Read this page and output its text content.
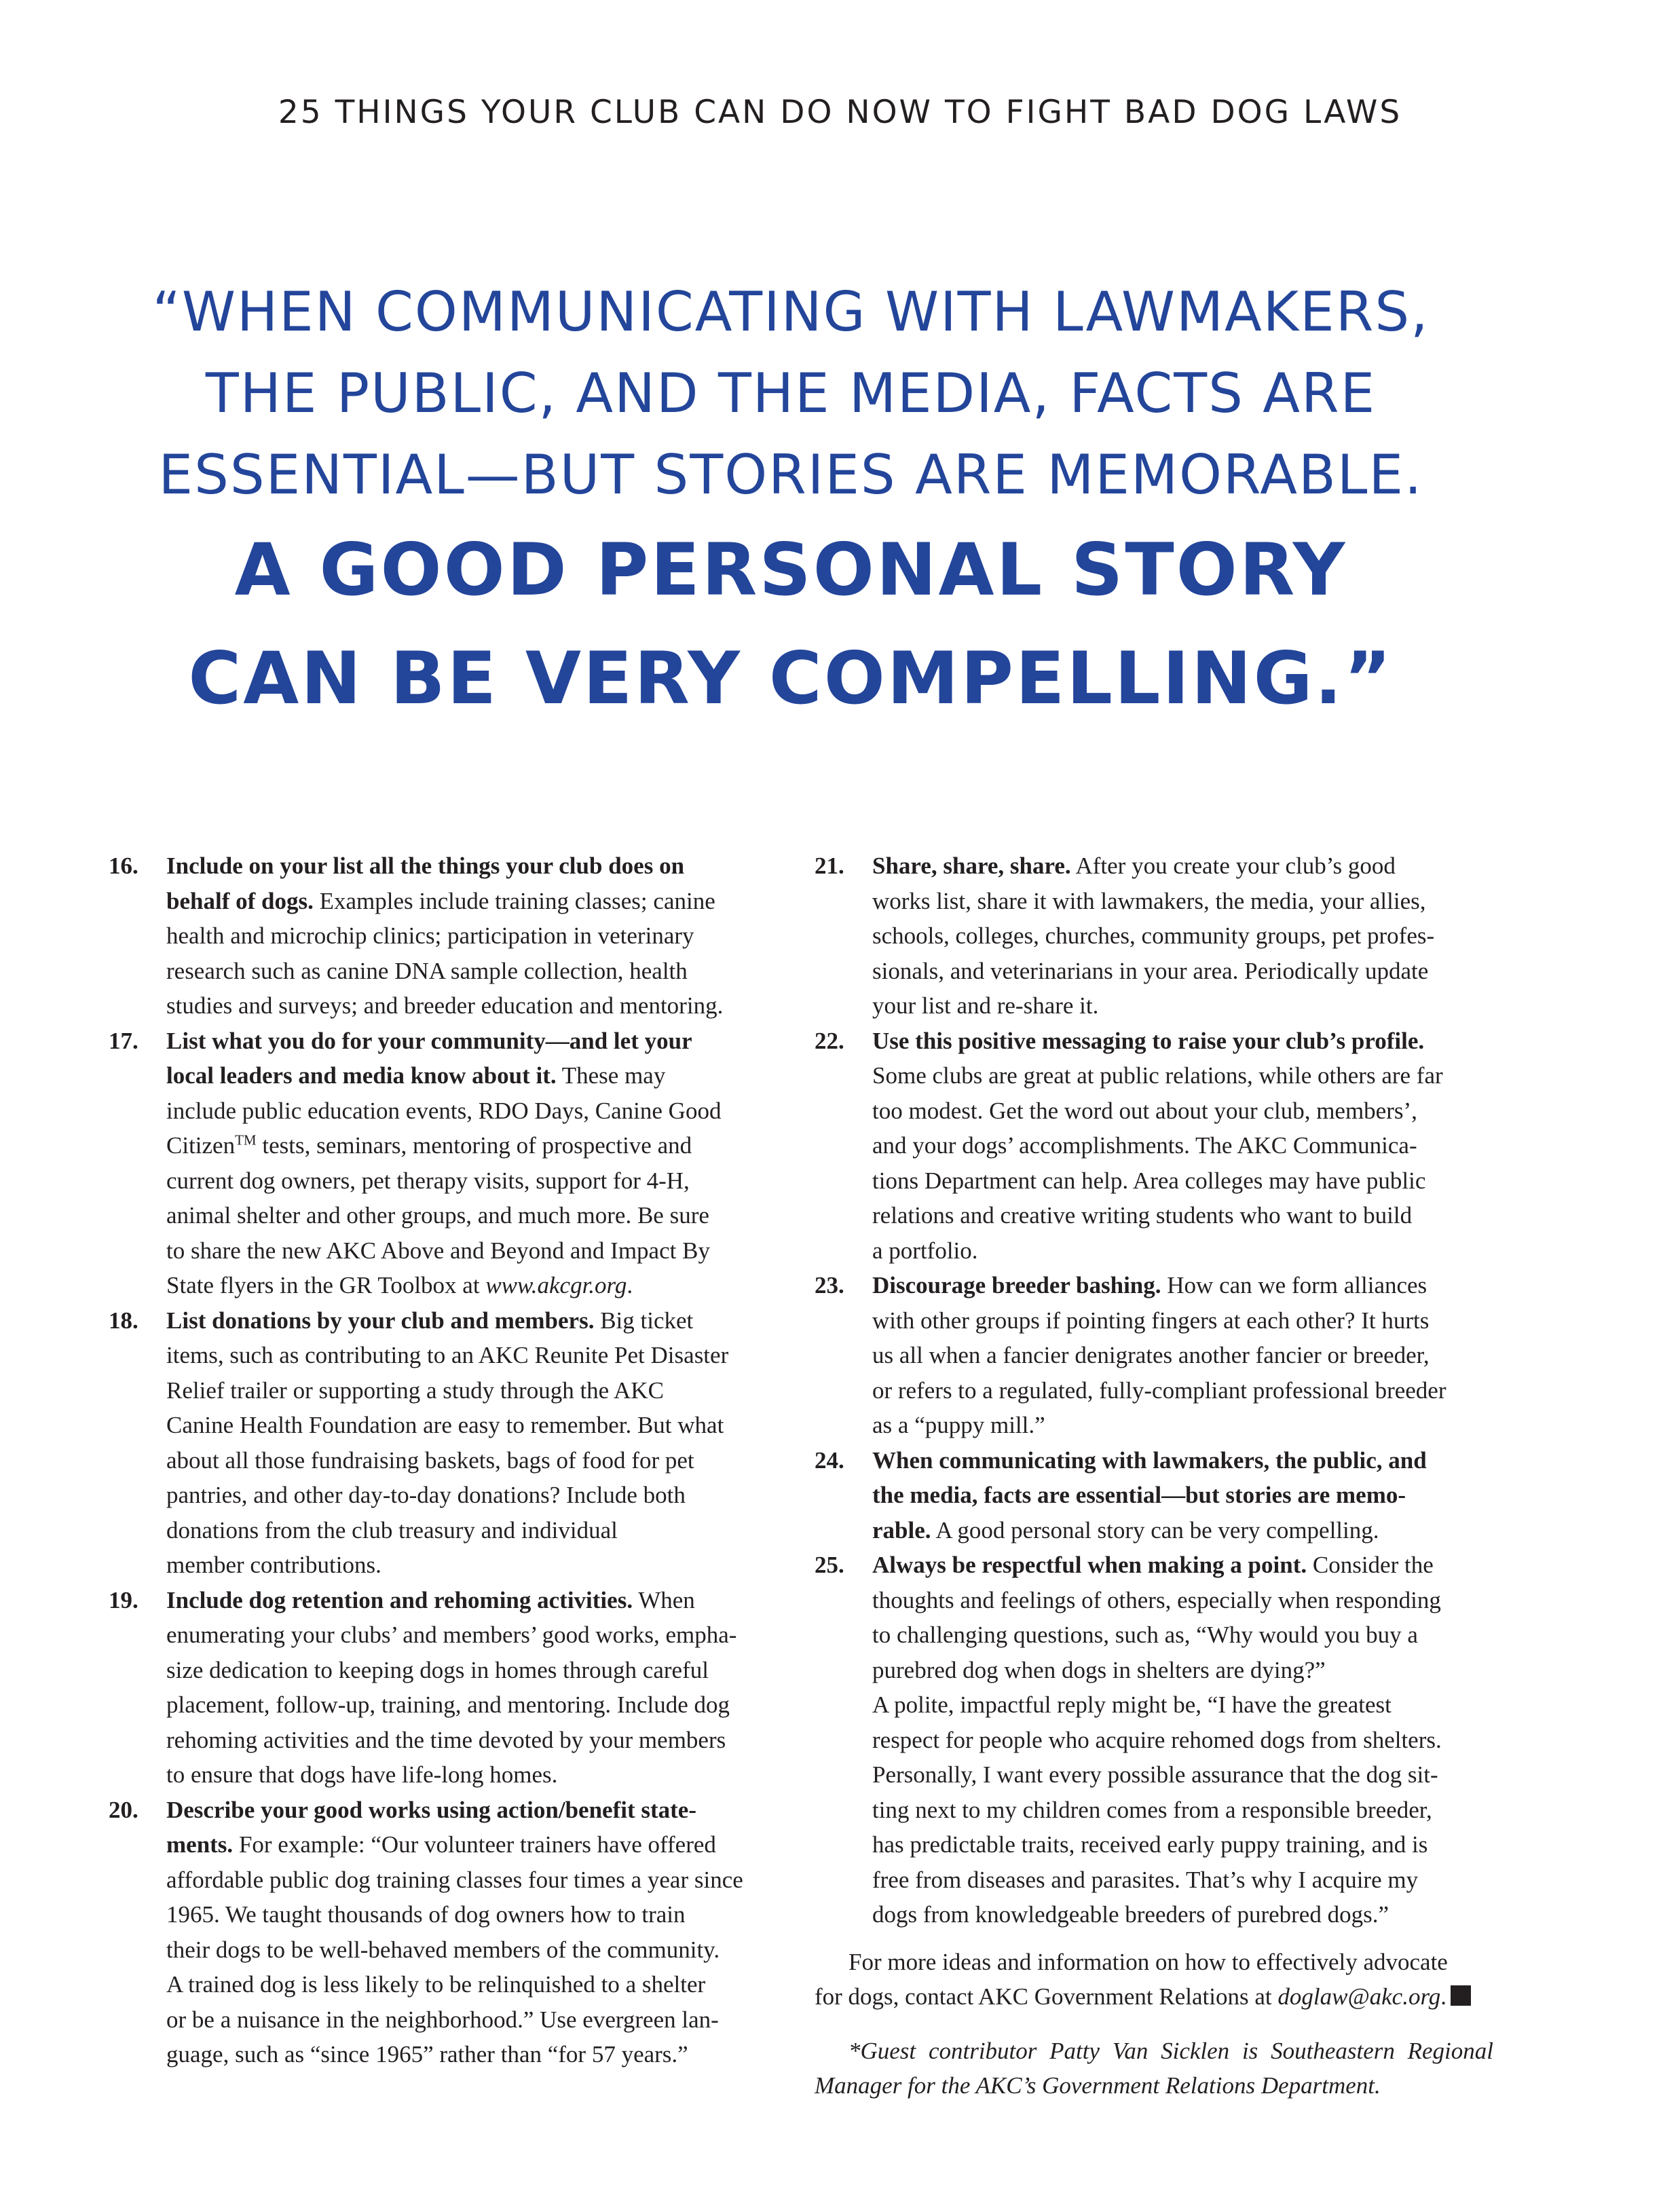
25 THINGS YOUR CLUB CAN DO NOW TO FIGHT BAD DOG LAWS
“WHEN COMMUNICATING WITH LAWMAKERS,
THE PUBLIC, AND THE MEDIA, FACTS ARE
ESSENTIAL—BUT STORIES ARE MEMORABLE.
A GOOD PERSONAL STORY
CAN BE VERY COMPELLING.”
16. Include on your list all the things your club does on
behalf of dogs. Examples include training classes; canine
health and microchip clinics; participation in veterinary
research such as canine DNA sample collection, health
studies and surveys; and breeder education and mentoring.
17. List what you do for your community—and let your
local leaders and media know about it. These may
include public education events, RDO Days, Canine Good
Citizen™ tests, seminars, mentoring of prospective and
current dog owners, pet therapy visits, support for 4-H,
animal shelter and other groups, and much more. Be sure
to share the new AKC Above and Beyond and Impact By
State flyers in the GR Toolbox at www.akcgr.org.
18. List donations by your club and members. Big ticket
items, such as contributing to an AKC Reunite Pet Disaster
Relief trailer or supporting a study through the AKC
Canine Health Foundation are easy to remember. But what
about all those fundraising baskets, bags of food for pet
pantries, and other day-to-day donations? Include both
donations from the club treasury and individual
member contributions.
19. Include dog retention and rehoming activities. When
enumerating your clubs’ and members’ good works, empha-
size dedication to keeping dogs in homes through careful
placement, follow-up, training, and mentoring. Include dog
rehoming activities and the time devoted by your members
to ensure that dogs have life-long homes.
20. Describe your good works using action/benefit state-
ments. For example: “Our volunteer trainers have offered
affordable public dog training classes four times a year since
1965. We taught thousands of dog owners how to train
their dogs to be well-behaved members of the community.
A trained dog is less likely to be relinquished to a shelter
or be a nuisance in the neighborhood.” Use evergreen lan-
guage, such as “since 1965” rather than “for 57 years.”
21. Share, share, share. After you create your club’s good
works list, share it with lawmakers, the media, your allies,
schools, colleges, churches, community groups, pet profes-
sionals, and veterinarians in your area. Periodically update
your list and re-share it.
22. Use this positive messaging to raise your club’s profile.
Some clubs are great at public relations, while others are far
too modest. Get the word out about your club, members’,
and your dogs’ accomplishments. The AKC Communica-
tions Department can help. Area colleges may have public
relations and creative writing students who want to build
a portfolio.
23. Discourage breeder bashing. How can we form alliances
with other groups if pointing fingers at each other? It hurts
us all when a fancier denigrates another fancier or breeder,
or refers to a regulated, fully-compliant professional breeder
as a “puppy mill.”
24. When communicating with lawmakers, the public, and
the media, facts are essential—but stories are memo-
rable. A good personal story can be very compelling.
25. Always be respectful when making a point. Consider the
thoughts and feelings of others, especially when responding
to challenging questions, such as, “Why would you buy a
purebred dog when dogs in shelters are dying?”
A polite, impactful reply might be, “I have the greatest
respect for people who acquire rehomed dogs from shelters.
Personally, I want every possible assurance that the dog sit-
ting next to my children comes from a responsible breeder,
has predictable traits, received early puppy training, and is
free from diseases and parasites. That’s why I acquire my
dogs from knowledgeable breeders of purebred dogs.”
For more ideas and information on how to effectively advocate
for dogs, contact AKC Government Relations at doglaw@akc.org.
*Guest contributor Patty Van Sicklen is Southeastern Regional
Manager for the AKC’s Government Relations Department.
